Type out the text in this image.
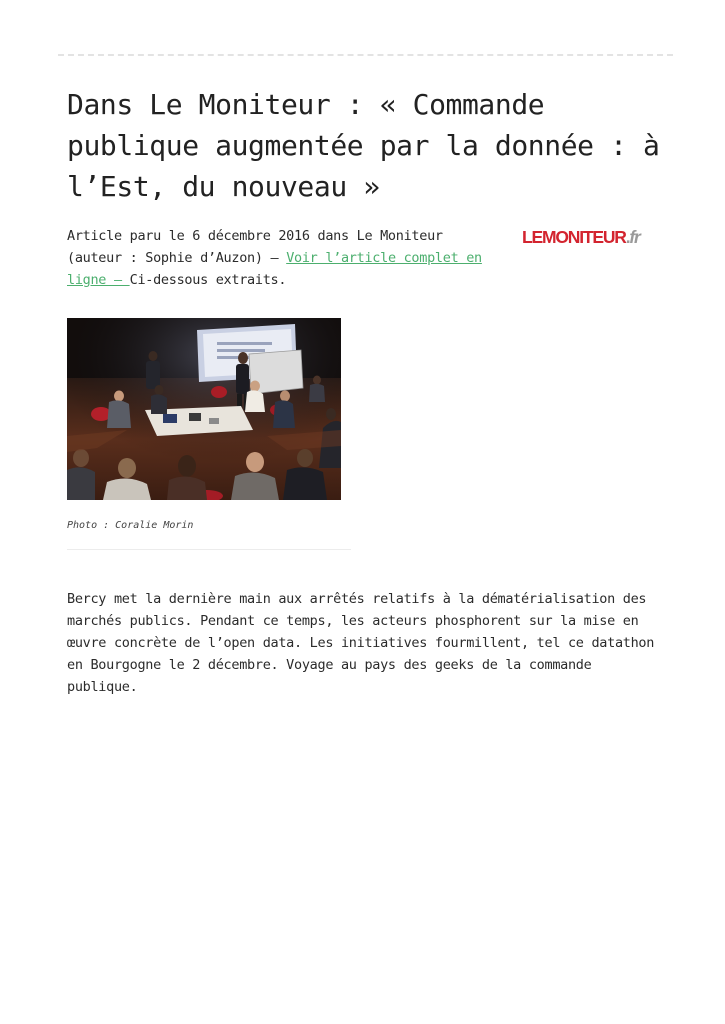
Dans Le Moniteur : « Commande publique augmentée par la donnée : à l’Est, du nouveau »

Article paru le 6 décembre 2016 dans Le Moniteur (auteur : Sophie d’Auzon) – Voir l’article complet en ligne – Ci-dessous extraits.

LEMONITEUR.fr

Photo : Coralie Morin

Bercy met la dernière main aux arrêtés relatifs à la dématérialisation des marchés publics. Pendant ce temps, les acteurs phosphorent sur la mise en œuvre concrète de l’open data. Les initiatives fourmillent, tel ce datathon en Bourgogne le 2 décembre. Voyage au pays des geeks de la commande publique.
